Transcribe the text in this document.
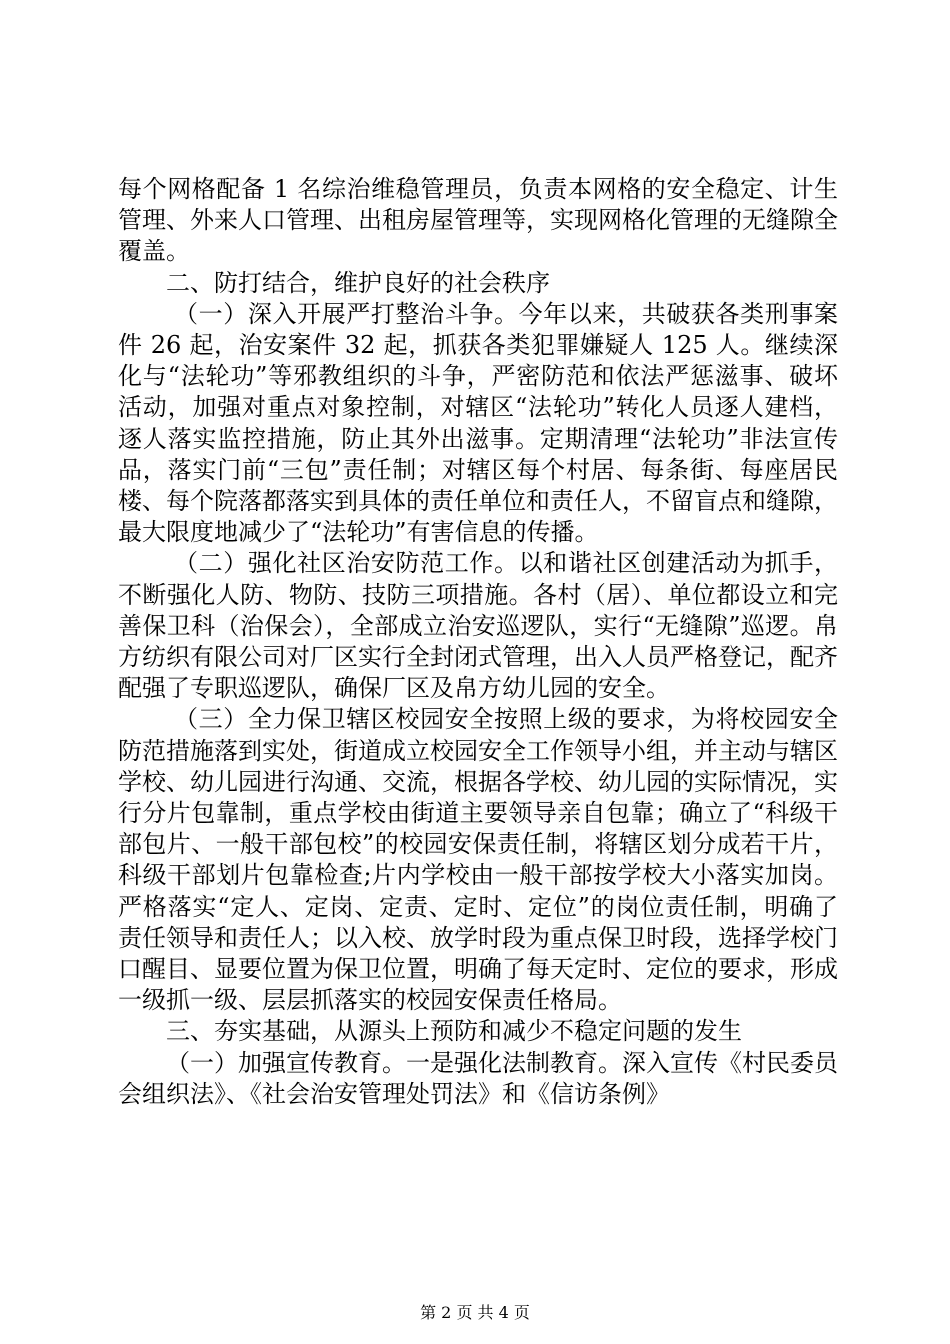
每个网格配备 1 名综治维稳管理员，负责本网格的安全稳定、计生管理、外来人口管理、出租房屋管理等，实现网格化管理的无缝隙全覆盖。

二、防打结合，维护良好的社会秩序

（一）深入开展严打整治斗争。今年以来，共破获各类刑事案件 26 起，治安案件 32 起，抓获各类犯罪嫌疑人 125 人。继续深化与“法轮功”等邪教组织的斗争，严密防范和依法严惩滋事、破坏活动，加强对重点对象控制，对辖区“法轮功”转化人员逐人建档，逐人落实监控措施，防止其外出滋事。定期清理“法轮功”非法宣传品，落实门前“三包”责任制；对辖区每个村居、每条街、每座居民楼、每个院落都落实到具体的责任单位和责任人，不留盲点和缝隙，最大限度地减少了“法轮功”有害信息的传播。

（二）强化社区治安防范工作。以和谐社区创建活动为抓手，不断强化人防、物防、技防三项措施。各村（居）、单位都设立和完善保卫科（治保会），全部成立治安巡逻队，实行“无缝隙”巡逻。帛方纺织有限公司对厂区实行全封闭式管理，出入人员严格登记，配齐配强了专职巡逻队，确保厂区及帛方幼儿园的安全。

（三）全力保卫辖区校园安全按照上级的要求，为将校园安全防范措施落到实处，街道成立校园安全工作领导小组，并主动与辖区学校、幼儿园进行沟通、交流，根据各学校、幼儿园的实际情况，实行分片包靠制，重点学校由街道主要领导亲自包靠；确立了“科级干部包片、一般干部包校”的校园安保责任制，将辖区划分成若干片，科级干部划片包靠检查;片内学校由一般干部按学校大小落实加岗。严格落实“定人、定岗、定责、定时、定位”的岗位责任制，明确了责任领导和责任人；以入校、放学时段为重点保卫时段，选择学校门口醒目、显要位置为保卫位置，明确了每天定时、定位的要求，形成一级抓一级、层层抓落实的校园安保责任格局。

三、夯实基础，从源头上预防和减少不稳定问题的发生

（一）加强宣传教育。一是强化法制教育。深入宣传《村民委员会组织法》、《社会治安管理处罚法》和《信访条例》

第 2 页 共 4 页
